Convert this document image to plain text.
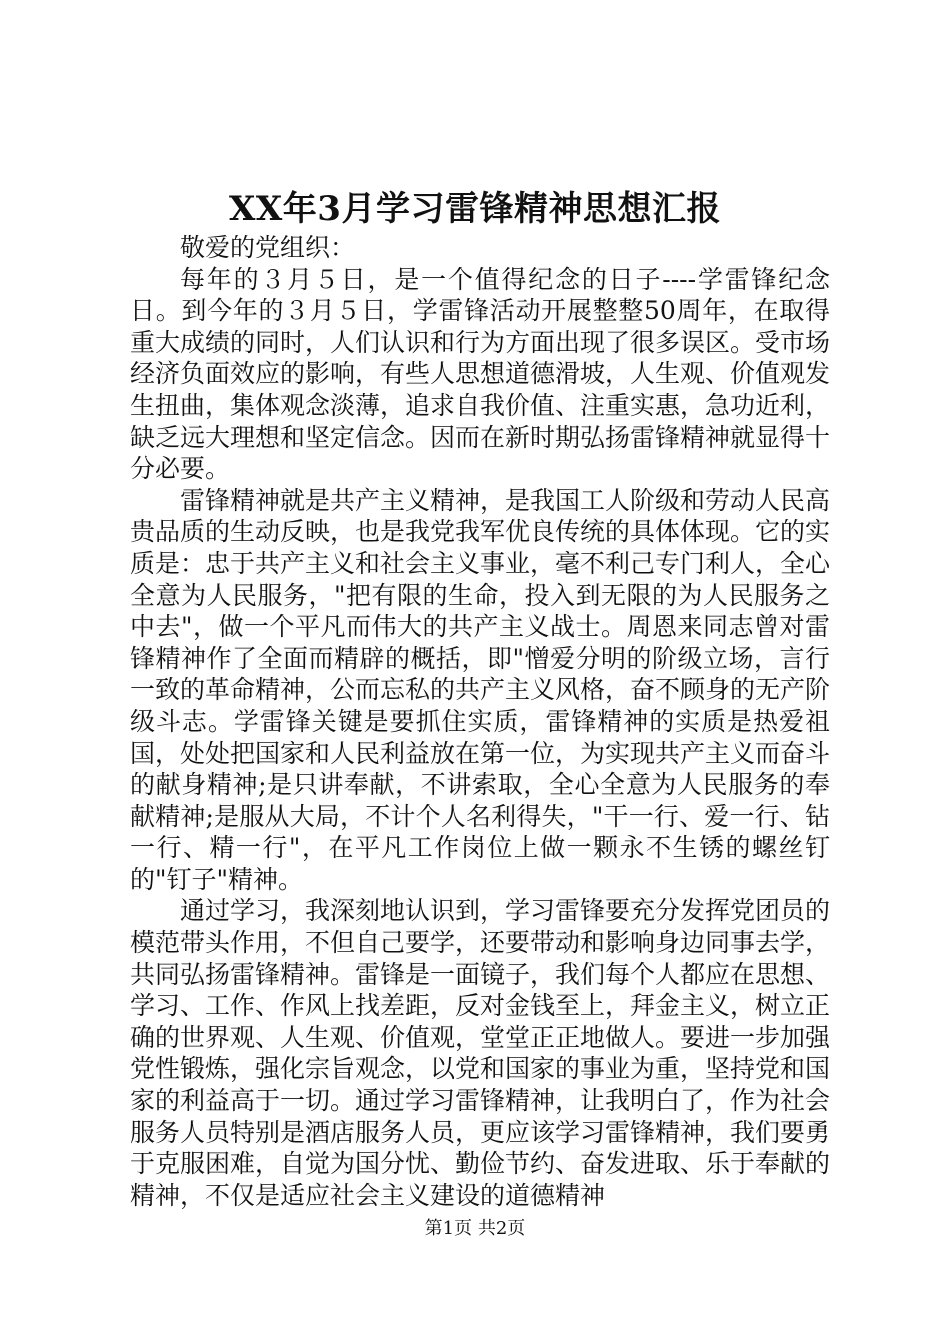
XX年3月学习雷锋精神思想汇报

敬爱的党组织：

每年的３月５日，是一个值得纪念的日子----学雷锋纪念日。到今年的３月５日，学雷锋活动开展整整50周年，在取得重大成绩的同时，人们认识和行为方面出现了很多误区。受市场经济负面效应的影响，有些人思想道德滑坡，人生观、价值观发生扭曲，集体观念淡薄，追求自我价值、注重实惠，急功近利，缺乏远大理想和坚定信念。因而在新时期弘扬雷锋精神就显得十分必要。

雷锋精神就是共产主义精神，是我国工人阶级和劳动人民高贵品质的生动反映，也是我党我军优良传统的具体体现。它的实质是：忠于共产主义和社会主义事业，毫不利己专门利人，全心全意为人民服务，"把有限的生命，投入到无限的为人民服务之中去"，做一个平凡而伟大的共产主义战士。周恩来同志曾对雷锋精神作了全面而精辟的概括，即"憎爱分明的阶级立场，言行一致的革命精神，公而忘私的共产主义风格，奋不顾身的无产阶级斗志。学雷锋关键是要抓住实质，雷锋精神的实质是热爱祖国，处处把国家和人民利益放在第一位，为实现共产主义而奋斗的献身精神;是只讲奉献，不讲索取，全心全意为人民服务的奉献精神;是服从大局，不计个人名利得失，"干一行、爱一行、钻一行、精一行"，在平凡工作岗位上做一颗永不生锈的螺丝钉的"钉子"精神。

通过学习，我深刻地认识到，学习雷锋要充分发挥党团员的模范带头作用，不但自己要学，还要带动和影响身边同事去学，共同弘扬雷锋精神。雷锋是一面镜子，我们每个人都应在思想、学习、工作、作风上找差距，反对金钱至上，拜金主义，树立正确的世界观、人生观、价值观，堂堂正正地做人。要进一步加强党性锻炼，强化宗旨观念，以党和国家的事业为重，坚持党和国家的利益高于一切。通过学习雷锋精神，让我明白了，作为社会服务人员特别是酒店服务人员，更应该学习雷锋精神，我们要勇于克服困难，自觉为国分忧、勤俭节约、奋发进取、乐于奉献的精神，不仅是适应社会主义建设的道德精神

第1页 共2页
